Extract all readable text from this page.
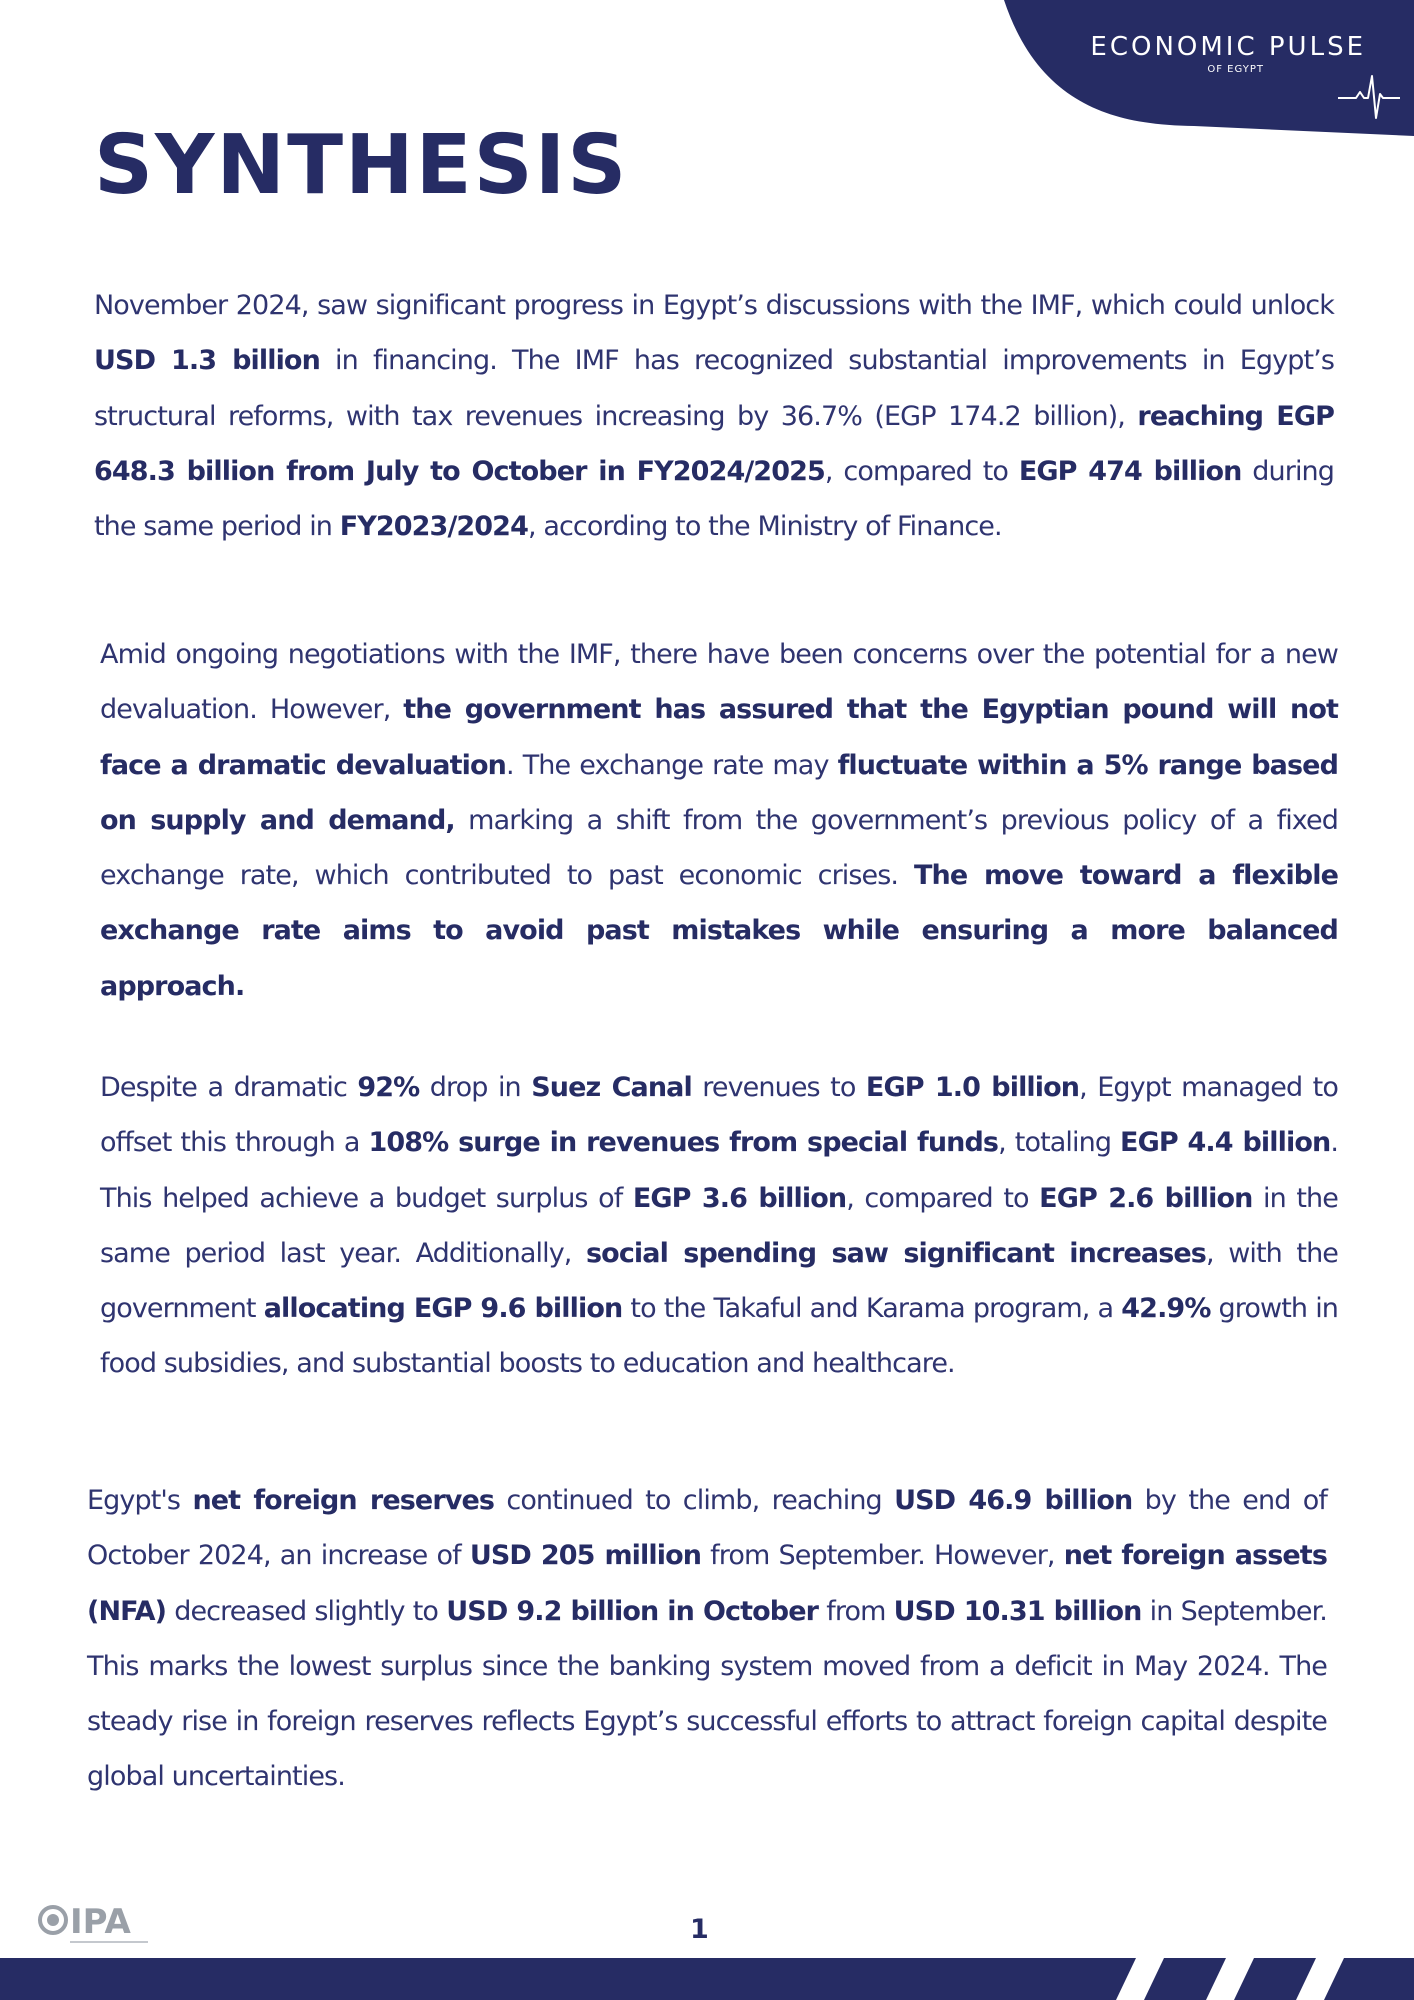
ECONOMIC PULSE
OF EGYPT
SYNTHESIS

November 2024, saw significant progress in Egypt’s discussions with the IMF, which could unlock USD 1.3 billion in financing. The IMF has recognized substantial improvements in Egypt’s structural reforms, with tax revenues increasing by 36.7% (EGP 174.2 billion), reaching EGP 648.3 billion from July to October in FY2024/2025, compared to EGP 474 billion during the same period in FY2023/2024, according to the Ministry of Finance.

Amid ongoing negotiations with the IMF, there have been concerns over the potential for a new devaluation. However, the government has assured that the Egyptian pound will not face a dramatic devaluation. The exchange rate may fluctuate within a 5% range based on supply and demand, marking a shift from the government’s previous policy of a fixed exchange rate, which contributed to past economic crises. The move toward a flexible exchange rate aims to avoid past mistakes while ensuring a more balanced approach.

Despite a dramatic 92% drop in Suez Canal revenues to EGP 1.0 billion, Egypt managed to offset this through a 108% surge in revenues from special funds, totaling EGP 4.4 billion. This helped achieve a budget surplus of EGP 3.6 billion, compared to EGP 2.6 billion in the same period last year. Additionally, social spending saw significant increases, with the government allocating EGP 9.6 billion to the Takaful and Karama program, a 42.9% growth in food subsidies, and substantial boosts to education and healthcare.

Egypt's net foreign reserves continued to climb, reaching USD 46.9 billion by the end of October 2024, an increase of USD 205 million from September. However, net foreign assets (NFA) decreased slightly to USD 9.2 billion in October from USD 10.31 billion in September. This marks the lowest surplus since the banking system moved from a deficit in May 2024. The steady rise in foreign reserves reflects Egypt’s successful efforts to attract foreign capital despite global uncertainties.

IPA	1
